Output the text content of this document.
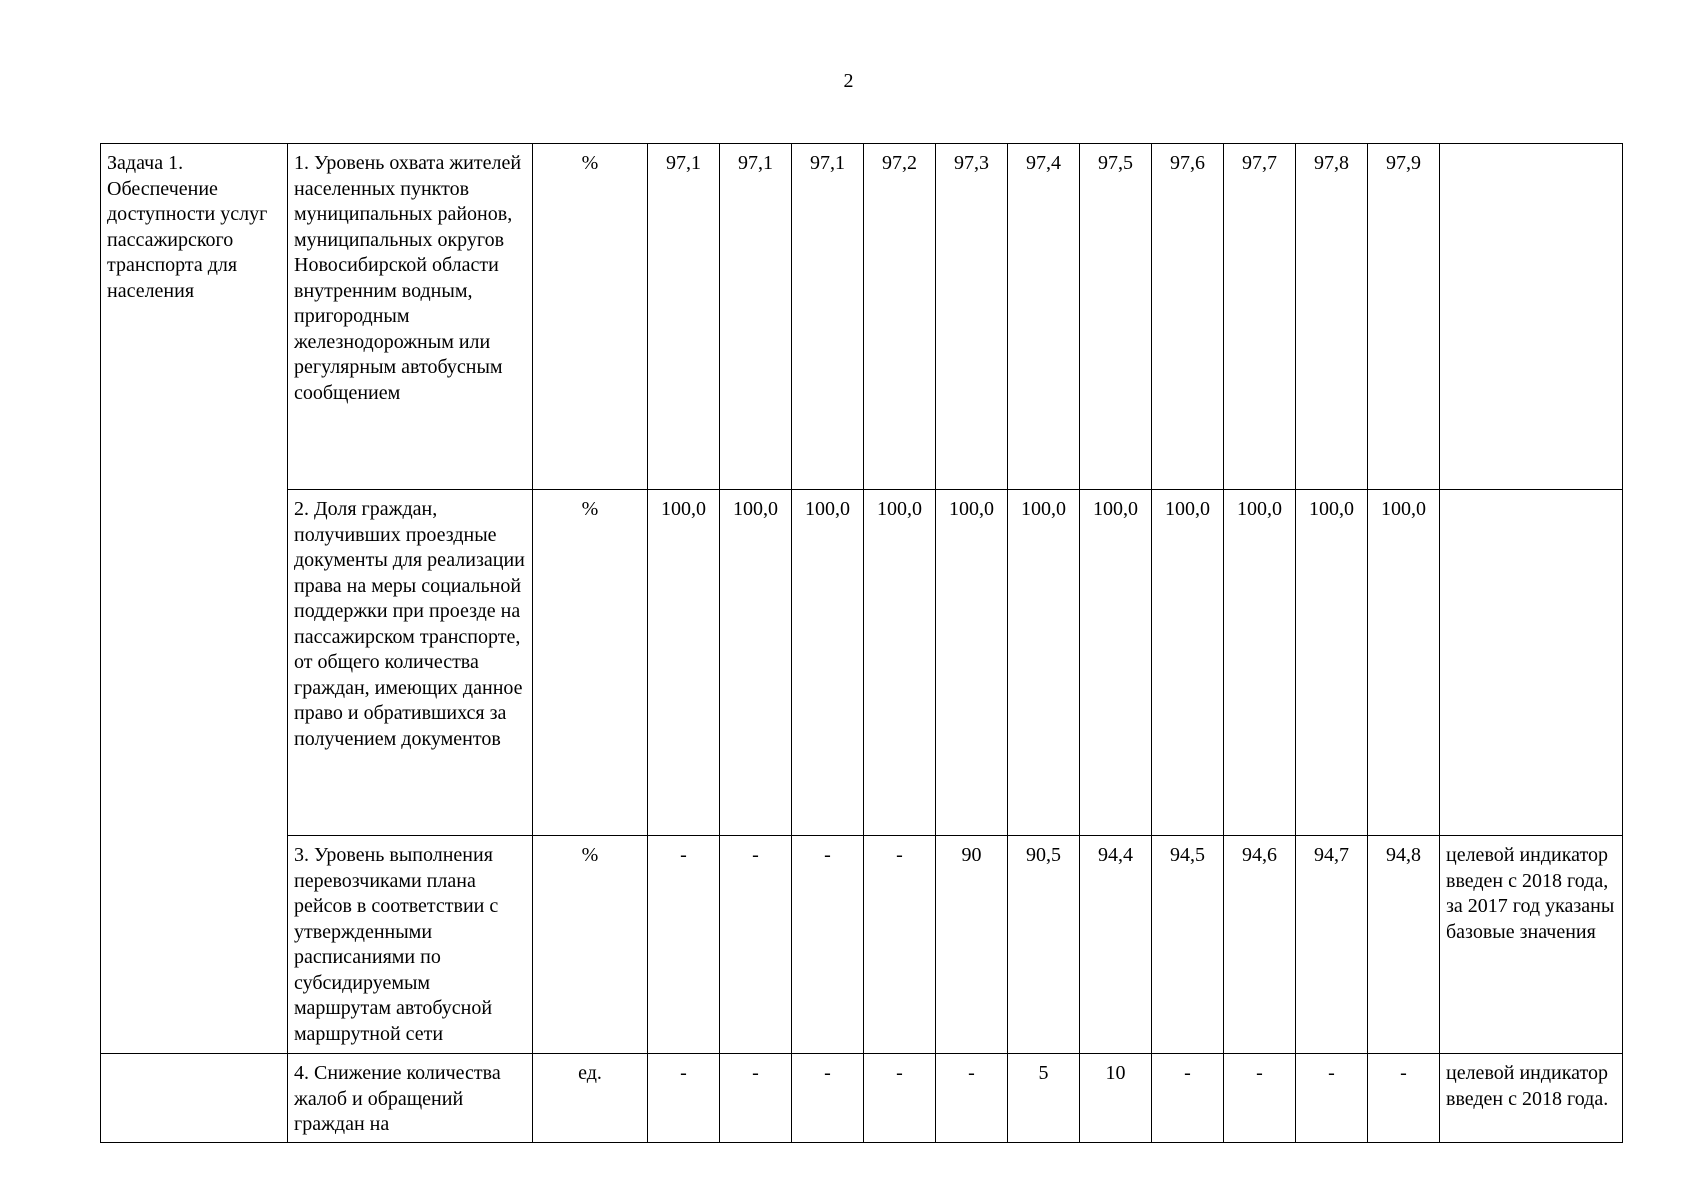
2
Задача 1. Обеспечение доступности услуг пассажирского транспорта для населения	1. Уровень охвата жителей населенных пунктов муниципальных районов, муниципальных округов Новосибирской области внутренним водным, пригородным железнодорожным или регулярным автобусным сообщением	%	97,1	97,1	97,1	97,2	97,3	97,4	97,5	97,6	97,7	97,8	97,9	
	2. Доля граждан, получивших проездные документы для реализации права на меры социальной поддержки при проезде на пассажирском транспорте, от общего количества граждан, имеющих данное право и обратившихся за получением документов	%	100,0	100,0	100,0	100,0	100,0	100,0	100,0	100,0	100,0	100,0	100,0	
	3. Уровень выполнения перевозчиками плана рейсов в соответствии с утвержденными расписаниями по субсидируемым маршрутам автобусной маршрутной сети	%	-	-	-	-	90	90,5	94,4	94,5	94,6	94,7	94,8	целевой индикатор введен с 2018 года, за 2017 год указаны базовые значения
	4. Снижение количества жалоб и обращений граждан на	ед.	-	-	-	-	-	5	10	-	-	-	-	целевой индикатор введен с 2018 года.
